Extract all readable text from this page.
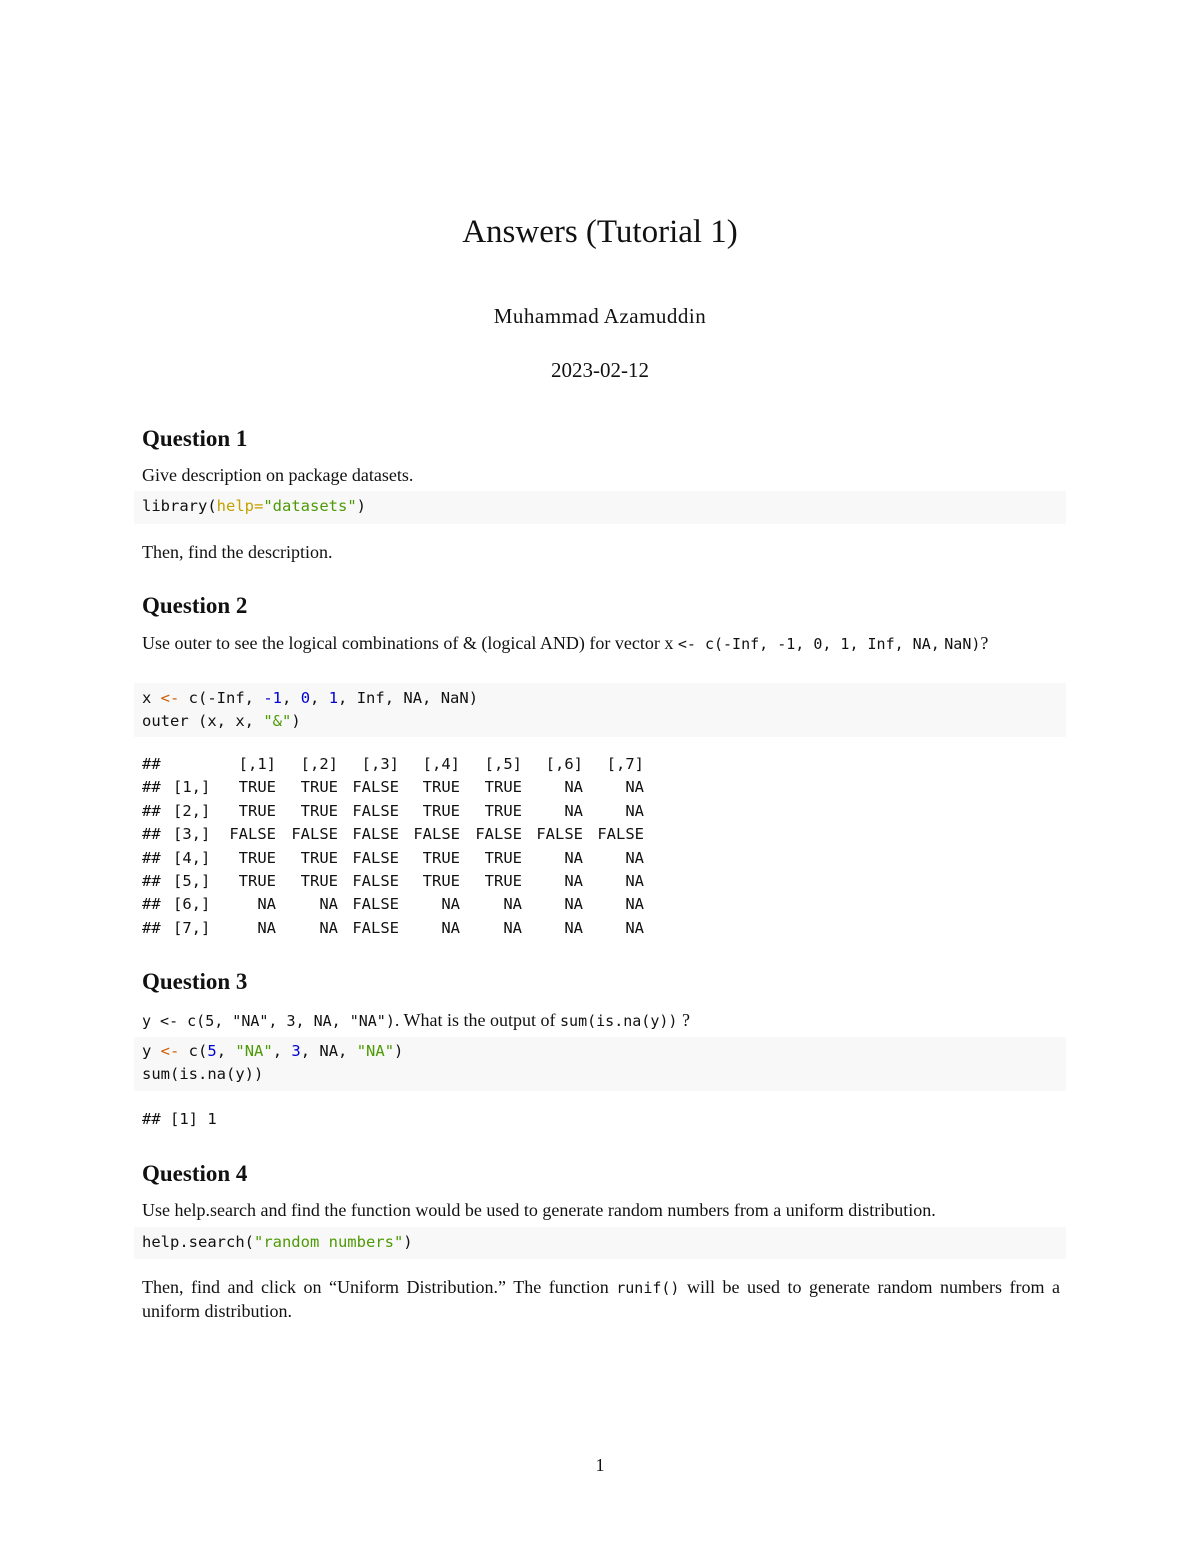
Answers (Tutorial 1)
Muhammad Azamuddin
2023-02-12
Question 1

Give description on package datasets.

library(help="datasets")

Then, find the description.

Question 2

Use outer to see the logical combinations of & (logical AND) for vector x <- c(-Inf, -1, 0, 1, Inf, NA, NaN)?

x <- c(-Inf, -1, 0, 1, Inf, NA, NaN)
outer (x, x, "&")
##	[,1]	[,2]	[,3]	[,4]	[,5]	[,6]	[,7]
## [1,]	TRUE	TRUE FALSE	TRUE	TRUE	NA	NA
## [2,]	TRUE	TRUE FALSE	TRUE	TRUE	NA	NA
## [3,]	FALSE FALSE FALSE FALSE FALSE FALSE FALSE
## [4,]	TRUE	TRUE FALSE	TRUE	TRUE	NA	NA
## [5,]	TRUE	TRUE FALSE	TRUE	TRUE	NA	NA
## [6,]	NA	NA FALSE	NA	NA	NA	NA
## [7,]	NA	NA FALSE	NA	NA	NA	NA
Question 3

y <- c(5, "NA", 3, NA, "NA"). What is the output of sum(is.na(y)) ?

y <- c(5, "NA", 3, NA, "NA")
sum(is.na(y))
## [1] 1
Question 4

Use help.search and find the function would be used to generate random numbers from a uniform distribution.

help.search("random numbers")

Then, find and click on “Uniform Distribution.” The function runif() will be used to generate random numbers from a uniform distribution.

1
